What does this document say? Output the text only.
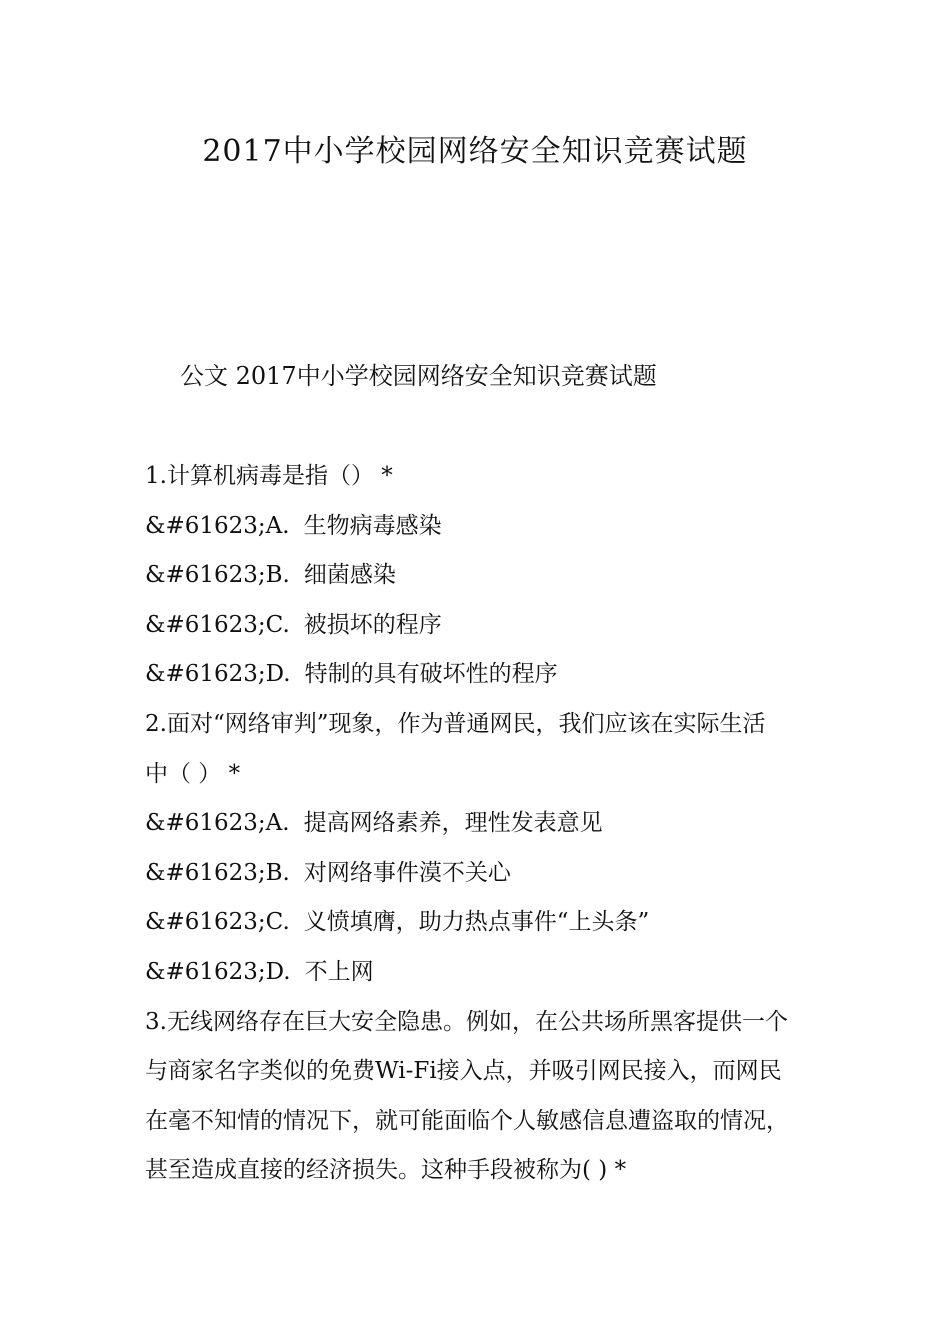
2017中小学校园网络安全知识竞赛试题
公文 2017中小学校园网络安全知识竞赛试题
1.计算机病毒是指（） *
&#61623;A. 生物病毒感染
&#61623;B. 细菌感染
&#61623;C. 被损坏的程序
&#61623;D. 特制的具有破坏性的程序
2.面对“网络审判”现象，作为普通网民，我们应该在实际生活
中（ ） *
&#61623;A. 提高网络素养，理性发表意见
&#61623;B. 对网络事件漠不关心
&#61623;C. 义愤填膺，助力热点事件“上头条”
&#61623;D. 不上网
3.无线网络存在巨大安全隐患。例如，在公共场所黑客提供一个
与商家名字类似的免费Wi-Fi接入点，并吸引网民接入，而网民
在毫不知情的情况下，就可能面临个人敏感信息遭盗取的情况，
甚至造成直接的经济损失。这种手段被称为( ) *
